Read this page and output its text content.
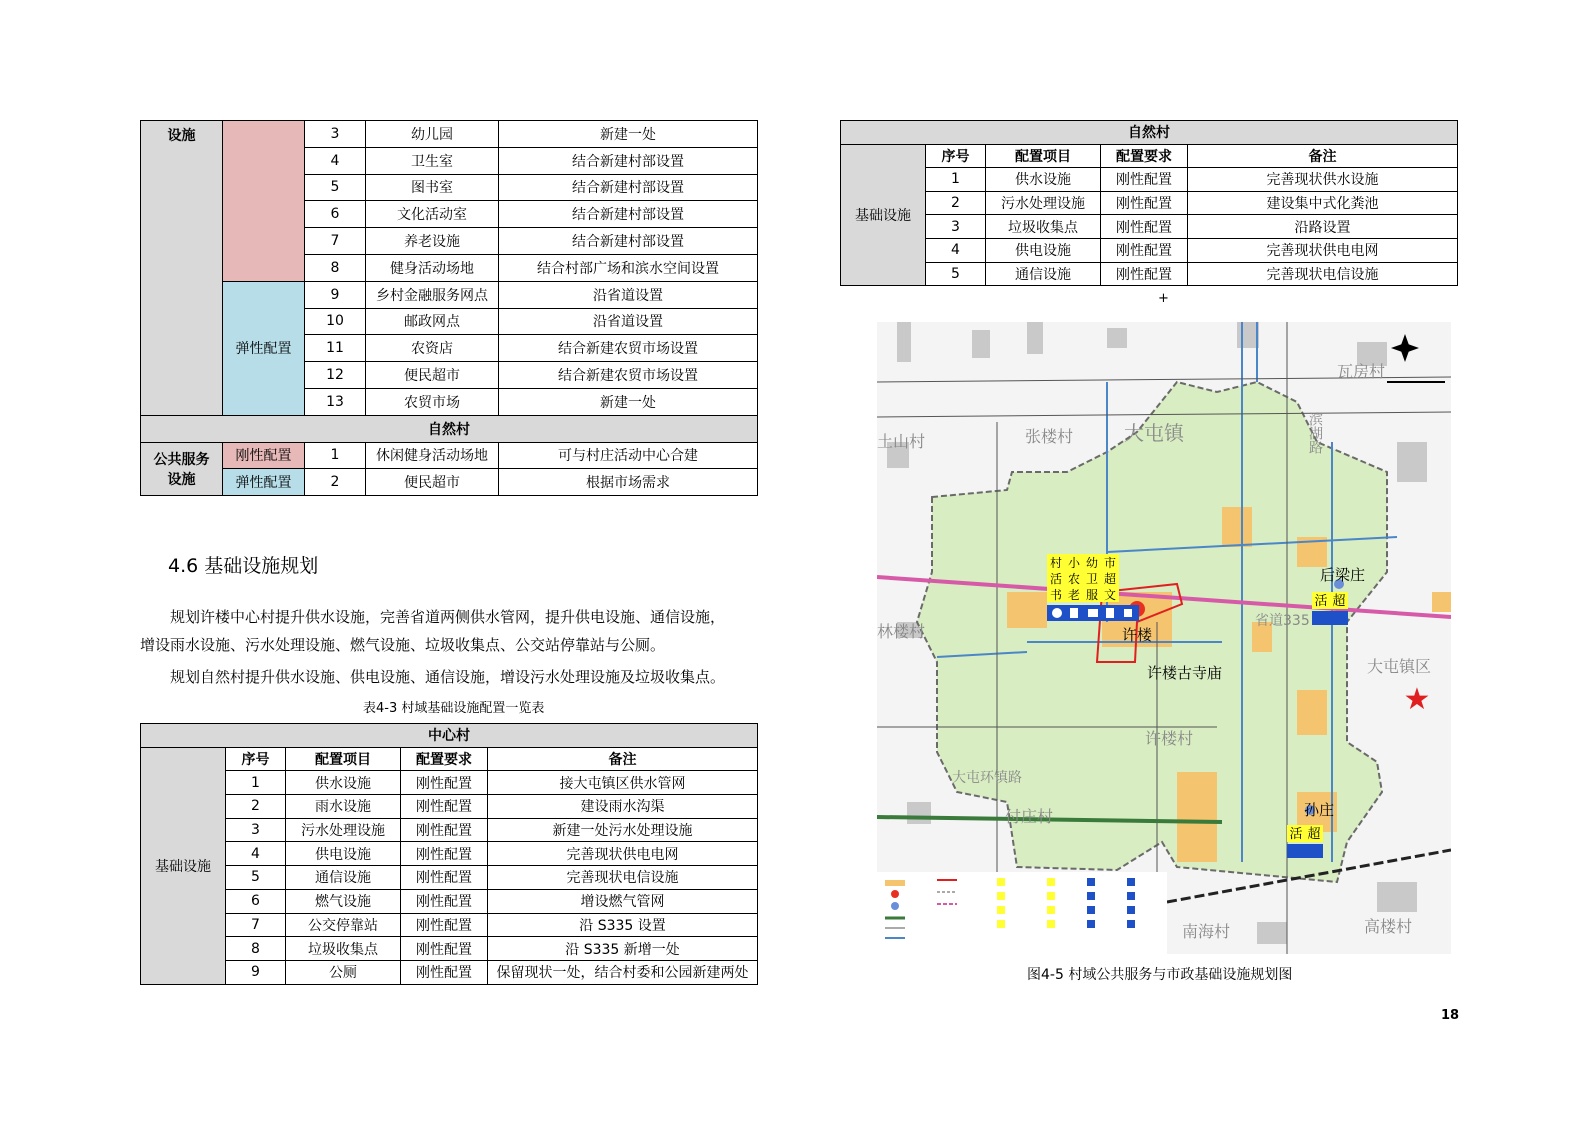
设施		3	幼儿园	新建一处
		4	卫生室	结合新建村部设置
		5	图书室	结合新建村部设置
		6	文化活动室	结合新建村部设置
		7	养老设施	结合新建村部设置
		8	健身活动场地	结合村部广场和滨水空间设置
	弹性配置	9	乡村金融服务网点	沿省道设置
		10	邮政网点	沿省道设置
		11	农资店	结合新建农贸市场设置
		12	便民超市	结合新建农贸市场设置
		13	农贸市场	新建一处
自然村				
公共服务设施	刚性配置	1	休闲健身活动场地	可与村庄活动中心合建
	弹性配置	2	便民超市	根据市场需求
4.6 基础设施规划
规划许楼中心村提升供水设施，完善省道两侧供水管网，提升供电设施、通信设施，
增设雨水设施、污水处理设施、燃气设施、垃圾收集点、公交站停靠站与公厕。
规划自然村提升供水设施、供电设施、通信设施，增设污水处理设施及垃圾收集点。
表4-3 村域基础设施配置一览表
中心村				
基础设施	序号	配置项目	配置要求	备注
	1	供水设施	刚性配置	接大屯镇区供水管网
	2	雨水设施	刚性配置	建设雨水沟渠
	3	污水处理设施	刚性配置	新建一处污水处理设施
	4	供电设施	刚性配置	完善现状供电电网
	5	通信设施	刚性配置	完善现状电信设施
	6	燃气设施	刚性配置	增设燃气管网
	7	公交停靠站	刚性配置	沿 S335 设置
	8	垃圾收集点	刚性配置	沿 S335 新增一处
	9	公厕	刚性配置	保留现状一处，结合村委和公园新建两处
自然村				
基础设施	序号	配置项目	配置要求	备注
	1	供水设施	刚性配置	完善现状供水设施
	2	污水处理设施	刚性配置	建设集中式化粪池
	3	垃圾收集点	刚性配置	沿路设置
	4	供电设施	刚性配置	完善现状供电电网
	5	通信设施	刚性配置	完善现状电信设施
+
★
瓦房村
土山村	张楼村	大屯镇
林楼村
省道335
大屯镇区
许楼村
大屯环镇路
付庄村
南海村	高楼村
滨湖路
后梁庄
许楼
许楼古寺庙
孙庄
村 小 幼 市
活 农 卫 超
书 老 服 文	活 超
活 超
图4-5 村域公共服务与市政基础设施规划图
18
